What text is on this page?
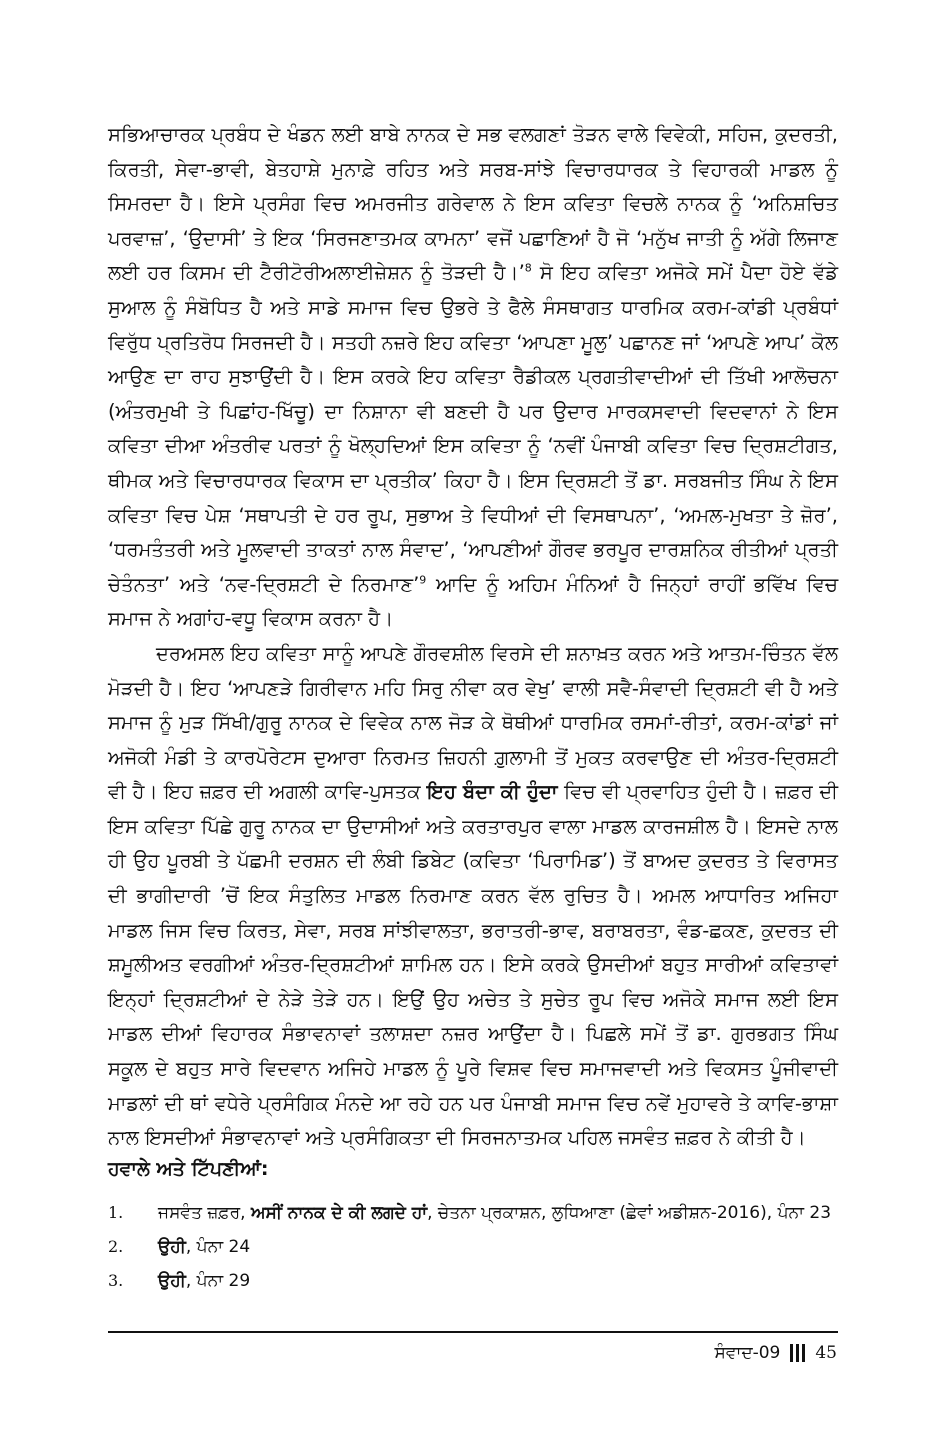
ਸਭਿਆਚਾਰਕ ਪ੍ਰਬੰਧ ਦੇ ਖੰਡਨ ਲਈ ਬਾਬੇ ਨਾਨਕ ਦੇ ਸਭ ਵਲਗਣਾਂ ਤੋੜਨ ਵਾਲੇ ਵਿਵੇਕੀ, ਸਹਿਜ, ਕੁਦਰਤੀ, ਕਿਰਤੀ, ਸੇਵਾ-ਭਾਵੀ, ਬੇਤਹਾਸ਼ੇ ਮੁਨਾਫ਼ੇ ਰਹਿਤ ਅਤੇ ਸਰਬ-ਸਾਂਝੇ ਵਿਚਾਰਧਾਰਕ ਤੇ ਵਿਹਾਰਕੀ ਮਾਡਲ ਨੂੰ ਸਿਮਰਦਾ ਹੈ। ਇਸੇ ਪ੍ਰਸੰਗ ਵਿਚ ਅਮਰਜੀਤ ਗਰੇਵਾਲ ਨੇ ਇਸ ਕਵਿਤਾ ਵਿਚਲੇ ਨਾਨਕ ਨੂੰ ‘ਅਨਿਸ਼ਚਿਤ ਪਰਵਾਜ਼’, ‘ਉਦਾਸੀ’ ਤੇ ਇਕ ‘ਸਿਰਜਣਾਤਮਕ ਕਾਮਨਾ’ ਵਜੋਂ ਪਛਾਣਿਆਂ ਹੈ ਜੋ ‘ਮਨੁੱਖ ਜਾਤੀ ਨੂੰ ਅੱਗੇ ਲਿਜਾਣ ਲਈ ਹਰ ਕਿਸਮ ਦੀ ਟੈਰੀਟੋਰੀਅਲਾਈਜ਼ੇਸ਼ਨ ਨੂੰ ਤੋੜਦੀ ਹੈ।’$^8$ ਸੋ ਇਹ ਕਵਿਤਾ ਅਜੋਕੇ ਸਮੇਂ ਪੈਦਾ ਹੋਏ ਵੱਡੇ ਸੁਆਲ ਨੂੰ ਸੰਬੋਧਿਤ ਹੈ ਅਤੇ ਸਾਡੇ ਸਮਾਜ ਵਿਚ ਉਭਰੇ ਤੇ ਫੈਲੇ ਸੰਸਥਾਗਤ ਧਾਰਮਿਕ ਕਰਮ-ਕਾਂਡੀ ਪ੍ਰਬੰਧਾਂ ਵਿਰੁੱਧ ਪ੍ਰਤਿਰੋਧ ਸਿਰਜਦੀ ਹੈ। ਸਤਹੀ ਨਜ਼ਰੇ ਇਹ ਕਵਿਤਾ ‘ਆਪਣਾ ਮੂਲੁ’ ਪਛਾਨਣ ਜਾਂ ‘ਆਪਣੇ ਆਪ’ ਕੋਲ ਆਉਣ ਦਾ ਰਾਹ ਸੁਝਾਉਂਦੀ ਹੈ। ਇਸ ਕਰਕੇ ਇਹ ਕਵਿਤਾ ਰੈਡੀਕਲ ਪ੍ਰਗਤੀਵਾਦੀਆਂ ਦੀ ਤਿੱਖੀ ਆਲੋਚਨਾ (ਅੰਤਰਮੁਖੀ ਤੇ ਪਿਛਾਂਹ-ਖਿੱਚੂ) ਦਾ ਨਿਸ਼ਾਨਾ ਵੀ ਬਣਦੀ ਹੈ ਪਰ ਉਦਾਰ ਮਾਰਕਸਵਾਦੀ ਵਿਦਵਾਨਾਂ ਨੇ ਇਸ ਕਵਿਤਾ ਦੀਆ ਅੰਤਰੀਵ ਪਰਤਾਂ ਨੂੰ ਖੋਲ੍ਹਦਿਆਂ ਇਸ ਕਵਿਤਾ ਨੂੰ ‘ਨਵੀਂ ਪੰਜਾਬੀ ਕਵਿਤਾ ਵਿਚ ਦ੍ਰਿਸ਼ਟੀਗਤ, ਥੀਮਕ ਅਤੇ ਵਿਚਾਰਧਾਰਕ ਵਿਕਾਸ ਦਾ ਪ੍ਰਤੀਕ’ ਕਿਹਾ ਹੈ। ਇਸ ਦ੍ਰਿਸ਼ਟੀ ਤੋਂ ਡਾ. ਸਰਬਜੀਤ ਸਿੰਘ ਨੇ ਇਸ ਕਵਿਤਾ ਵਿਚ ਪੇਸ਼ ‘ਸਥਾਪਤੀ ਦੇ ਹਰ ਰੂਪ, ਸੁਭਾਅ ਤੇ ਵਿਧੀਆਂ ਦੀ ਵਿਸਥਾਪਨਾ’, ‘ਅਮਲ-ਮੁਖਤਾ ਤੇ ਜ਼ੋਰ’, ‘ਧਰਮਤੰਤਰੀ ਅਤੇ ਮੂਲਵਾਦੀ ਤਾਕਤਾਂ ਨਾਲ ਸੰਵਾਦ’, ‘ਆਪਣੀਆਂ ਗੌਰਵ ਭਰਪੂਰ ਦਾਰਸ਼ਨਿਕ ਰੀਤੀਆਂ ਪ੍ਰਤੀ ਚੇਤੰਨਤਾ’ ਅਤੇ ‘ਨਵ-ਦ੍ਰਿਸ਼ਟੀ ਦੇ ਨਿਰਮਾਣ’$^9$ ਆਦਿ ਨੂੰ ਅਹਿਮ ਮੰਨਿਆਂ ਹੈ ਜਿਨ੍ਹਾਂ ਰਾਹੀਂ ਭਵਿੱਖ ਵਿਚ ਸਮਾਜ ਨੇ ਅਗਾਂਹ-ਵਧੂ ਵਿਕਾਸ ਕਰਨਾ ਹੈ।

ਦਰਅਸਲ ਇਹ ਕਵਿਤਾ ਸਾਨੂੰ ਆਪਣੇ ਗੌਰਵਸ਼ੀਲ ਵਿਰਸੇ ਦੀ ਸ਼ਨਾਖ਼ਤ ਕਰਨ ਅਤੇ ਆਤਮ-ਚਿੰਤਨ ਵੱਲ ਮੋੜਦੀ ਹੈ। ਇਹ ‘ਆਪਣੜੇ ਗਿਰੀਵਾਨ ਮਹਿ ਸਿਰੁ ਨੀਵਾ ਕਰ ਵੇਖੁ’ ਵਾਲੀ ਸਵੈ-ਸੰਵਾਦੀ ਦ੍ਰਿਸ਼ਟੀ ਵੀ ਹੈ ਅਤੇ ਸਮਾਜ ਨੂੰ ਮੁੜ ਸਿੱਖੀ/ਗੁਰੂ ਨਾਨਕ ਦੇ ਵਿਵੇਕ ਨਾਲ ਜੋੜ ਕੇ ਥੋਥੀਆਂ ਧਾਰਮਿਕ ਰਸਮਾਂ-ਰੀਤਾਂ, ਕਰਮ-ਕਾਂਡਾਂ ਜਾਂ ਅਜੋਕੀ ਮੰਡੀ ਤੇ ਕਾਰਪੋਰੇਟਸ ਦੁਆਰਾ ਨਿਰਮਤ ਜ਼ਿਹਨੀ ਗ਼ੁਲਾਮੀ ਤੋਂ ਮੁਕਤ ਕਰਵਾਉਣ ਦੀ ਅੰਤਰ-ਦ੍ਰਿਸ਼ਟੀ ਵੀ ਹੈ। ਇਹ ਜ਼ਫ਼ਰ ਦੀ ਅਗਲੀ ਕਾਵਿ-ਪੁਸਤਕ ਇਹ ਬੰਦਾ ਕੀ ਹੁੰਦਾ ਵਿਚ ਵੀ ਪ੍ਰਵਾਹਿਤ ਹੁੰਦੀ ਹੈ। ਜ਼ਫ਼ਰ ਦੀ ਇਸ ਕਵਿਤਾ ਪਿੱਛੇ ਗੁਰੂ ਨਾਨਕ ਦਾ ਉਦਾਸੀਆਂ ਅਤੇ ਕਰਤਾਰਪੁਰ ਵਾਲਾ ਮਾਡਲ ਕਾਰਜਸ਼ੀਲ ਹੈ। ਇਸਦੇ ਨਾਲ ਹੀ ਉਹ ਪੂਰਬੀ ਤੇ ਪੱਛਮੀ ਦਰਸ਼ਨ ਦੀ ਲੰਬੀ ਡਿਬੇਟ (ਕਵਿਤਾ ‘ਪਿਰਾਮਿਡ’) ਤੋਂ ਬਾਅਦ ਕੁਦਰਤ ਤੇ ਵਿਰਾਸਤ ਦੀ ਭਾਗੀਦਾਰੀ ’ਚੋਂ ਇਕ ਸੰਤੁਲਿਤ ਮਾਡਲ ਨਿਰਮਾਣ ਕਰਨ ਵੱਲ ਰੁਚਿਤ ਹੈ। ਅਮਲ ਆਧਾਰਿਤ ਅਜਿਹਾ ਮਾਡਲ ਜਿਸ ਵਿਚ ਕਿਰਤ, ਸੇਵਾ, ਸਰਬ ਸਾਂਝੀਵਾਲਤਾ, ਭਰਾਤਰੀ-ਭਾਵ, ਬਰਾਬਰਤਾ, ਵੰਡ-ਛਕਣ, ਕੁਦਰਤ ਦੀ ਸ਼ਮੂਲੀਅਤ ਵਰਗੀਆਂ ਅੰਤਰ-ਦ੍ਰਿਸ਼ਟੀਆਂ ਸ਼ਾਮਿਲ ਹਨ। ਇਸੇ ਕਰਕੇ ਉਸਦੀਆਂ ਬਹੁਤ ਸਾਰੀਆਂ ਕਵਿਤਾਵਾਂ ਇਨ੍ਹਾਂ ਦ੍ਰਿਸ਼ਟੀਆਂ ਦੇ ਨੇੜੇ ਤੇੜੇ ਹਨ। ਇਉਂ ਉਹ ਅਚੇਤ ਤੇ ਸੁਚੇਤ ਰੂਪ ਵਿਚ ਅਜੋਕੇ ਸਮਾਜ ਲਈ ਇਸ ਮਾਡਲ ਦੀਆਂ ਵਿਹਾਰਕ ਸੰਭਾਵਨਾਵਾਂ ਤਲਾਸ਼ਦਾ ਨਜ਼ਰ ਆਉਂਦਾ ਹੈ। ਪਿਛਲੇ ਸਮੇਂ ਤੋਂ ਡਾ. ਗੁਰਭਗਤ ਸਿੰਘ ਸਕੂਲ ਦੇ ਬਹੁਤ ਸਾਰੇ ਵਿਦਵਾਨ ਅਜਿਹੇ ਮਾਡਲ ਨੂੰ ਪੂਰੇ ਵਿਸ਼ਵ ਵਿਚ ਸਮਾਜਵਾਦੀ ਅਤੇ ਵਿਕਸਤ ਪੂੰਜੀਵਾਦੀ ਮਾਡਲਾਂ ਦੀ ਥਾਂ ਵਧੇਰੇ ਪ੍ਰਸੰਗਿਕ ਮੰਨਦੇ ਆ ਰਹੇ ਹਨ ਪਰ ਪੰਜਾਬੀ ਸਮਾਜ ਵਿਚ ਨਵੇਂ ਮੁਹਾਵਰੇ ਤੇ ਕਾਵਿ-ਭਾਸ਼ਾ ਨਾਲ ਇਸਦੀਆਂ ਸੰਭਾਵਨਾਵਾਂ ਅਤੇ ਪ੍ਰਸੰਗਿਕਤਾ ਦੀ ਸਿਰਜਨਾਤਮਕ ਪਹਿਲ ਜਸਵੰਤ ਜ਼ਫ਼ਰ ਨੇ ਕੀਤੀ ਹੈ।

ਹਵਾਲੇ ਅਤੇ ਟਿੱਪਣੀਆਂ:
1. ਜਸਵੰਤ ਜ਼ਫ਼ਰ, ਅਸੀਂ ਨਾਨਕ ਦੇ ਕੀ ਲਗਦੇ ਹਾਂ, ਚੇਤਨਾ ਪ੍ਰਕਾਸ਼ਨ, ਲੁਧਿਆਣਾ (ਛੇਵਾਂ ਅਡੀਸ਼ਨ-2016), ਪੰਨਾ 23
2. ਉਹੀ, ਪੰਨਾ 24
3. ਉਹੀ, ਪੰਨਾ 29
ਸੰਵਾਦ-09 45
